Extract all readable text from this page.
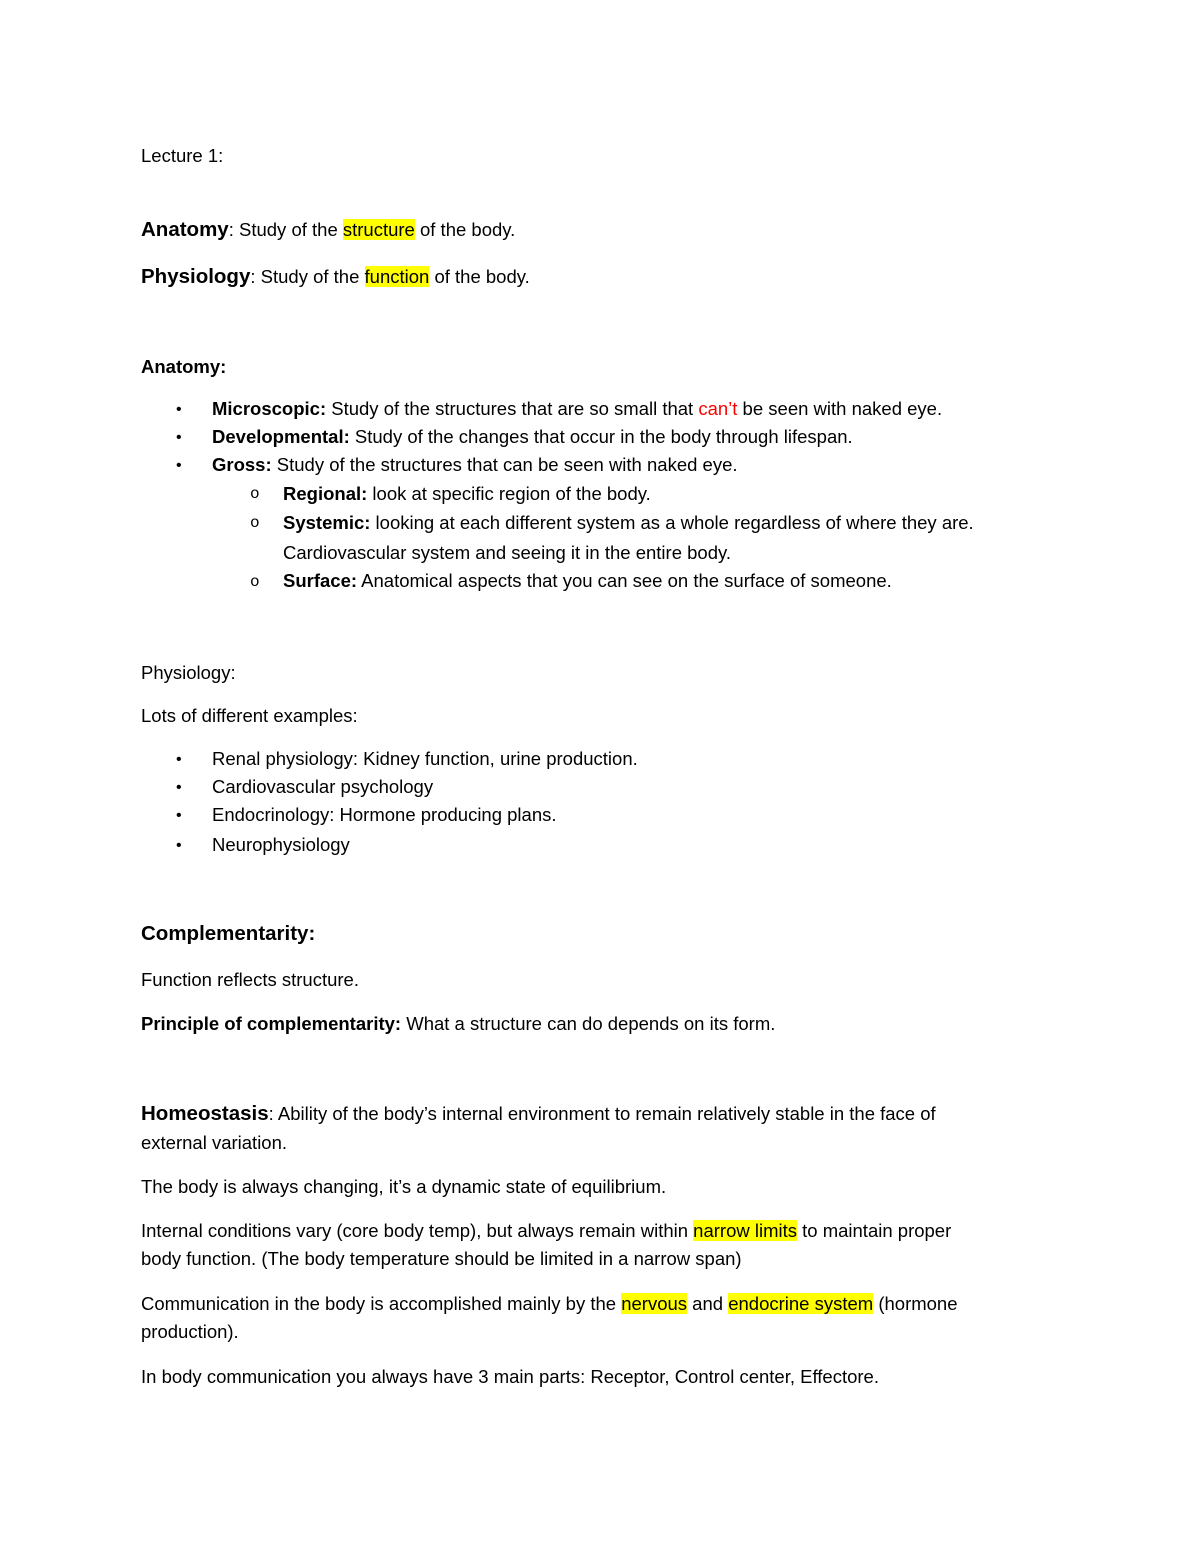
Lecture 1:
Anatomy: Study of the structure of the body.
Physiology: Study of the function of the body.
Anatomy:
• Microscopic: Study of the structures that are so small that can’t be seen with naked eye.
• Developmental: Study of the changes that occur in the body through lifespan.
• Gross: Study of the structures that can be seen with naked eye.
o Regional: look at specific region of the body.
o Systemic: looking at each different system as a whole regardless of where they are.
Cardiovascular system and seeing it in the entire body.
o Surface: Anatomical aspects that you can see on the surface of someone.
Physiology:
Lots of different examples:
• Renal physiology: Kidney function, urine production.
• Cardiovascular psychology
• Endocrinology: Hormone producing plans.
• Neurophysiology
Complementarity:
Function reflects structure.
Principle of complementarity: What a structure can do depends on its form.
Homeostasis: Ability of the body’s internal environment to remain relatively stable in the face of
external variation.
The body is always changing, it’s a dynamic state of equilibrium.
Internal conditions vary (core body temp), but always remain within narrow limits to maintain proper
body function. (The body temperature should be limited in a narrow span)
Communication in the body is accomplished mainly by the nervous and endocrine system (hormone
production).
In body communication you always have 3 main parts: Receptor, Control center, Effectore.
